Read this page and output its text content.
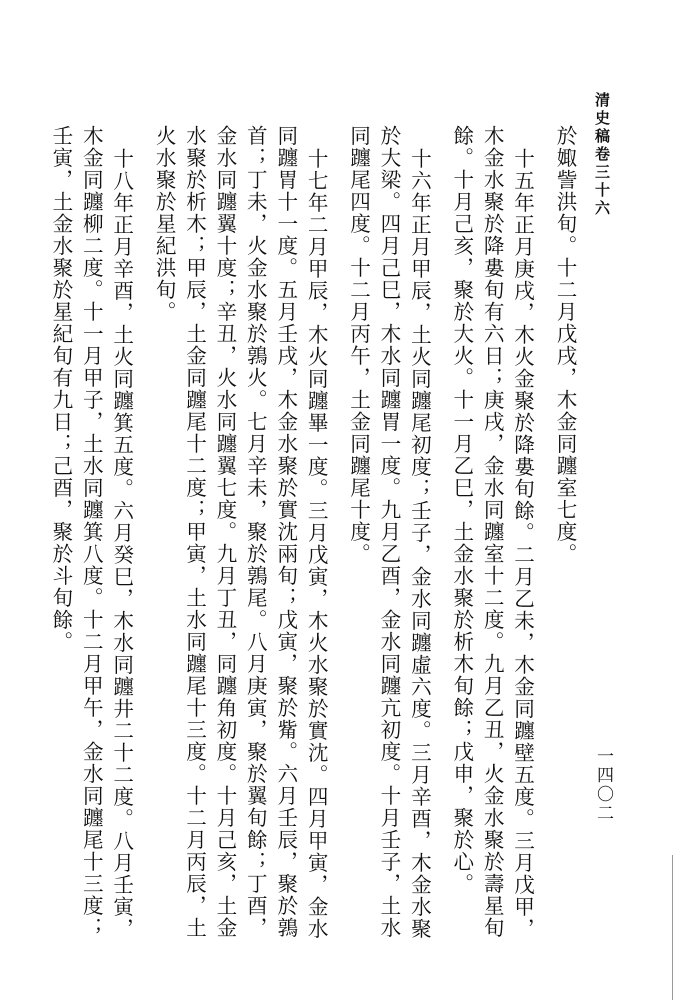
清史稿卷三十六

於娵訾洪旬。十二月戊戌，木金同躔室七度。

十五年正月庚戌，木火金聚於降婁旬餘。二月乙未，木金同躔壁五度。三月戊甲，木金水聚於降婁旬有六日；庚戌，金水同躔室十二度。九月乙丑，火金水聚於壽星旬餘。十月己亥，聚於大火。十一月乙巳，土金水聚於析木旬餘；戊申，聚於心。

十六年正月甲辰，土火同躔尾初度；壬子，金水同躔虛六度。三月辛酉，木金水聚於大梁。四月己巳，木水同躔胃一度。九月乙酉，金水同躔亢初度。十月壬子，土水同躔尾四度。十二月丙午，土金同躔尾十度。

十七年二月甲辰，木火同躔畢一度。三月戊寅，木火水聚於實沈。四月甲寅，金水同躔胃十一度。五月壬戌，木金水聚於實沈兩旬；戊寅，聚於觜。六月壬辰，聚於鶉首；丁未，火金水聚於鶉火。七月辛未，聚於鶉尾。八月庚寅，聚於翼旬餘；丁酉，金水同躔翼十度；辛丑，火水同躔翼七度。九月丁丑，同躔角初度。十月己亥，土金水聚於析木；甲辰，土金同躔尾十二度；甲寅，土水同躔尾十三度。十二月丙辰，土火水聚於星紀洪旬。

十八年正月辛酉，土火同躔箕五度。六月癸巳，木水同躔井二十二度。八月壬寅，木金同躔柳二度。十一月甲子，土水同躔箕八度。十二月甲午，金水同躔尾十三度；壬寅，土金水聚於星紀旬有九日；己酉，聚於斗旬餘。

一四〇二
